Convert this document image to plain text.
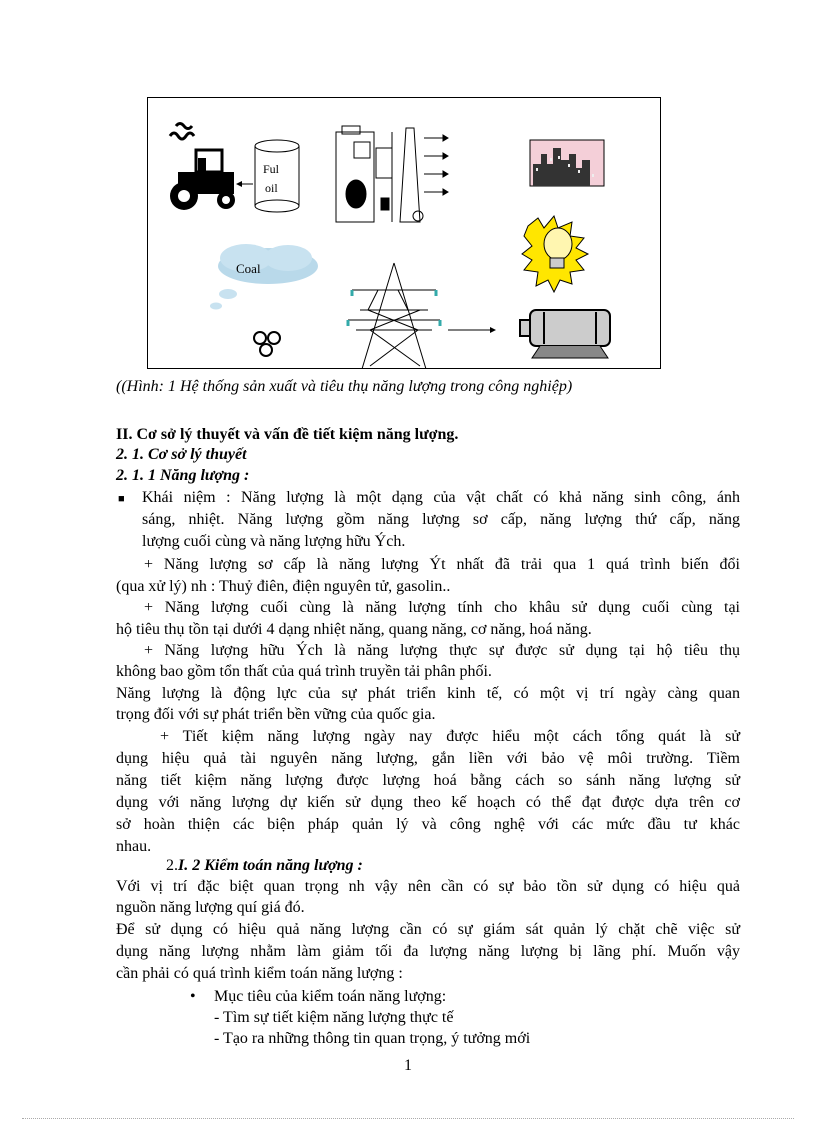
Ful
oil
Coal
((Hình: 1 Hệ thống sản xuất và tiêu thụ năng lượng trong công nghiệp)
II. Cơ sở lý thuyết và vấn đề tiết kiệm năng lượng.
2. 1. Cơ sở lý thuyết
2. 1. 1 Năng lượng :
■ Khái niệm : Năng lượng là một dạng của vật chất có khả năng sinh công, ánh
sáng, nhiệt. Năng lượng gồm năng lượng sơ cấp, năng lượng thứ cấp, năng
lượng cuối cùng và năng lượng hữu Ých.
+ Năng lượng sơ cấp là năng lượng Ýt nhất đã trải qua 1 quá trình biến đổi
(qua xử lý) nh : Thuỷ điên, điện nguyên tử, gasolin..
+ Năng lượng cuối cùng là năng lượng tính cho khâu sử dụng cuối cùng tại
hộ tiêu thụ tồn tại dưới 4 dạng nhiệt năng, quang năng, cơ năng, hoá năng.
+ Năng lượng hữu Ých là năng lượng thực sự được sử dụng tại hộ tiêu thụ
không bao gồm tổn thất của quá trình truyền tải phân phối.
Năng lượng là động lực của sự phát triển kinh tế, có một vị trí ngày càng quan
trọng đối với sự phát triển bền vững của quốc gia.
+ Tiết kiệm năng lượng ngày nay được hiểu một cách tổng quát là sử
dụng hiệu quả tài nguyên năng lượng, gắn liền với bảo vệ môi trường. Tiềm
năng tiết kiệm năng lượng được lượng hoá bằng cách so sánh năng lượng sử
dụng với năng lượng dự kiến sử dụng theo kế hoạch có thể đạt được dựa trên cơ
sở hoàn thiện các biện pháp quản lý và công nghệ với các mức đầu tư khác
nhau.
2.I. 2 Kiểm toán năng lượng :
Với vị trí đặc biệt quan trọng nh vậy nên cần có sự bảo tồn sử dụng có hiệu quả
nguồn năng lượng quí giá đó.
Để sử dụng có hiệu quả năng lượng cần có sự giám sát quản lý chặt chẽ việc sử
dụng năng lượng nhằm làm giảm tối đa lượng năng lượng bị lãng phí. Muốn vậy
cần phải có quá trình kiểm toán năng lượng :
• Mục tiêu của kiểm toán năng lượng:
- Tìm sự tiết kiệm năng lượng thực tế
- Tạo ra những thông tin quan trọng, ý tưởng mới
1
